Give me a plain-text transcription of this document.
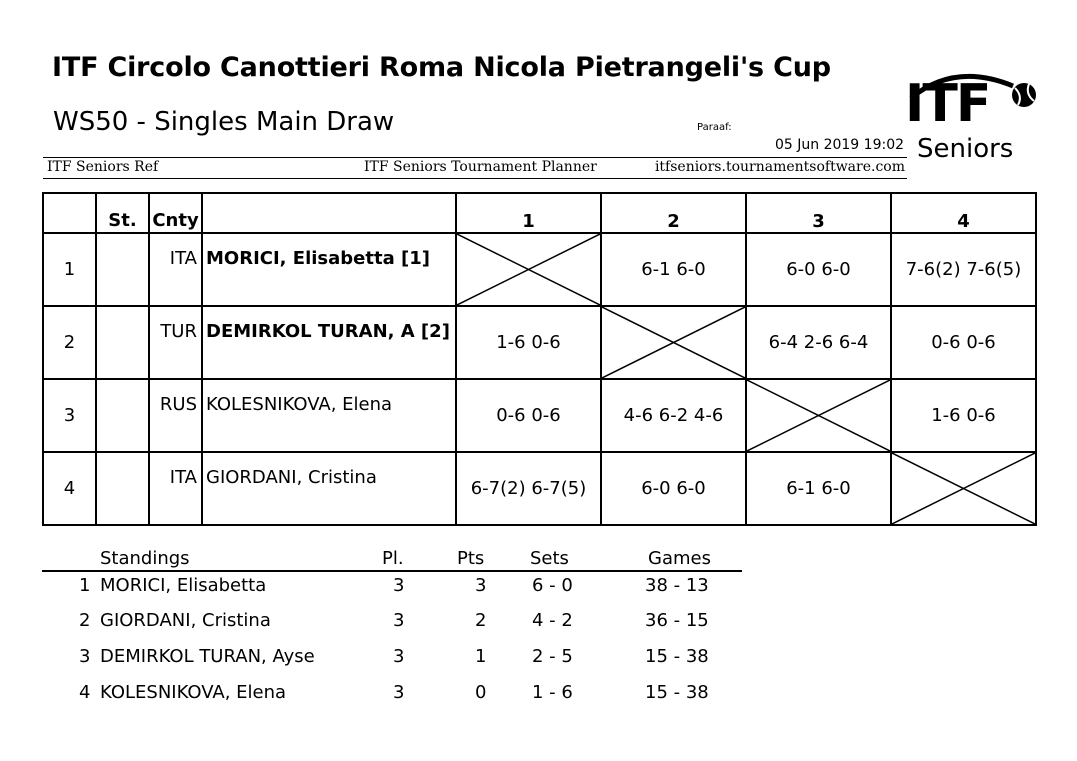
ITF Circolo Canottieri Roma Nicola Pietrangeli's Cup
WS50 - Singles Main Draw	Paraaf:
05 Jun 2019 19:02
ITF
Seniors
ITF Seniors Ref	ITF Seniors Tournament Planner	itfseniors.tournamentsoftware.com
	St.	Cnty		1	2	3	4
1		ITA	MORICI, Elisabetta [1]		6-1 6-0	6-0 6-0	7-6(2) 7-6(5)
2		TUR	DEMIRKOL TURAN, A [2]	1-6 0-6		6-4 2-6 6-4	0-6 0-6
3		RUS	KOLESNIKOVA, Elena	0-6 0-6	4-6 6-2 4-6		1-6 0-6
4		ITA	GIORDANI, Cristina	6-7(2) 6-7(5)	6-0 6-0	6-1 6-0	
Standings	Pl.	Pts	Sets	Games
1 MORICI, Elisabetta	3	3	6 - 0	38 - 13
2 GIORDANI, Cristina	3	2	4 - 2	36 - 15
3 DEMIRKOL TURAN, Ayse	3	1	2 - 5	15 - 38
4 KOLESNIKOVA, Elena	3	0	1 - 6	15 - 38
